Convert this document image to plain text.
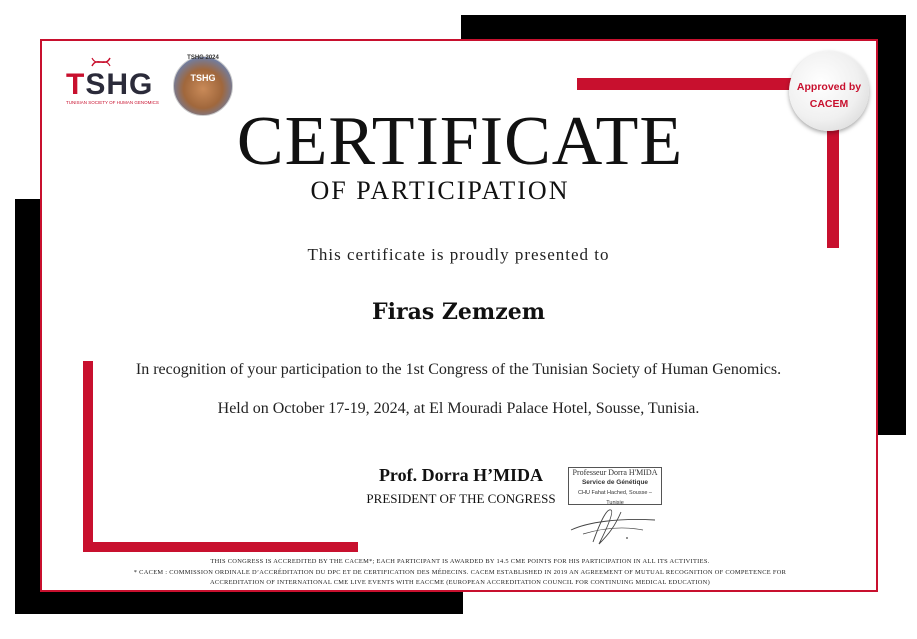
TSHG
TUNISIAN SOCIETY OF HUMAN GENOMICS
TSHG 2024
TSHG
Approved by
CACEM
CERTIFICATE
OF PARTICIPATION
This certificate is proudly presented to
Firas Zemzem
In recognition of your participation to the 1st Congress of the Tunisian Society of Human Genomics.
Held on October 17-19, 2024, at El Mouradi Palace Hotel, Sousse, Tunisia.
Prof. Dorra H’MIDA
PRESIDENT OF THE CONGRESS
Professeur Dorra H'MIDA
Service de Génétique
CHU Fahat Hached, Sousse – Tunisie
THIS CONGRESS IS ACCREDITED BY THE CACEM*; EACH PARTICIPANT IS AWARDED BY 14.5 CME POINTS FOR HIS PARTICIPATION IN ALL ITS ACTIVITIES.
* CACEM : COMMISSION ORDINALE D’ACCRÉDITATION DU DPC ET DE CERTIFICATION DES MÉDECINS. CACEM ESTABLISHED IN 2019 AN AGREEMENT OF MUTUAL RECOGNITION OF COMPETENCE FOR
ACCREDITATION OF INTERNATIONAL CME LIVE EVENTS WITH EACCME (EUROPEAN ACCREDITATION COUNCIL FOR CONTINUING MEDICAL EDUCATION)
